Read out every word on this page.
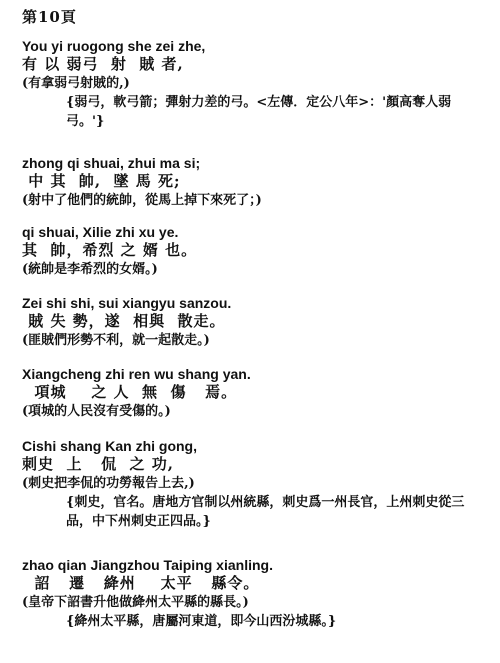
第10頁
You yi ruogong she zei zhe,
有 以 弱弓  射  賊 者,
(有拿弱弓射賊的,)
{弱弓，軟弓箭；彈射力差的弓。<左傳．定公八年>：'顏高奪人弱弓。'}
zhong qi shuai, zhui ma si;
中 其  帥,  墜 馬 死;
(射中了他們的統帥，從馬上掉下來死了；)
qi shuai, Xilie zhi xu ye.
其  帥，希烈 之 婿 也。
(統帥是李希烈的女婿。)
Zei shi shi, sui xiangyu sanzou.
賊 失 勢，遂  相與  散走。
(匪賊們形勢不利，就一起散走。)
Xiangcheng zhi ren wu shang yan.
項城    之 人  無  傷   焉。
(項城的人民沒有受傷的。)
Cishi shang Kan zhi gong,
刺史  上   侃  之 功,
(刺史把李侃的功勞報告上去,)
{刺史，官名。唐地方官制以州統縣，刺史爲一州長官，上州刺史從三品，中下州刺史正四品。}
zhao qian Jiangzhou Taiping xianling.
詔   遷   絳州    太平   縣令。
(皇帝下詔書升他做絳州太平縣的縣長。)
{絳州太平縣，唐屬河東道，即今山西汾城縣。}
